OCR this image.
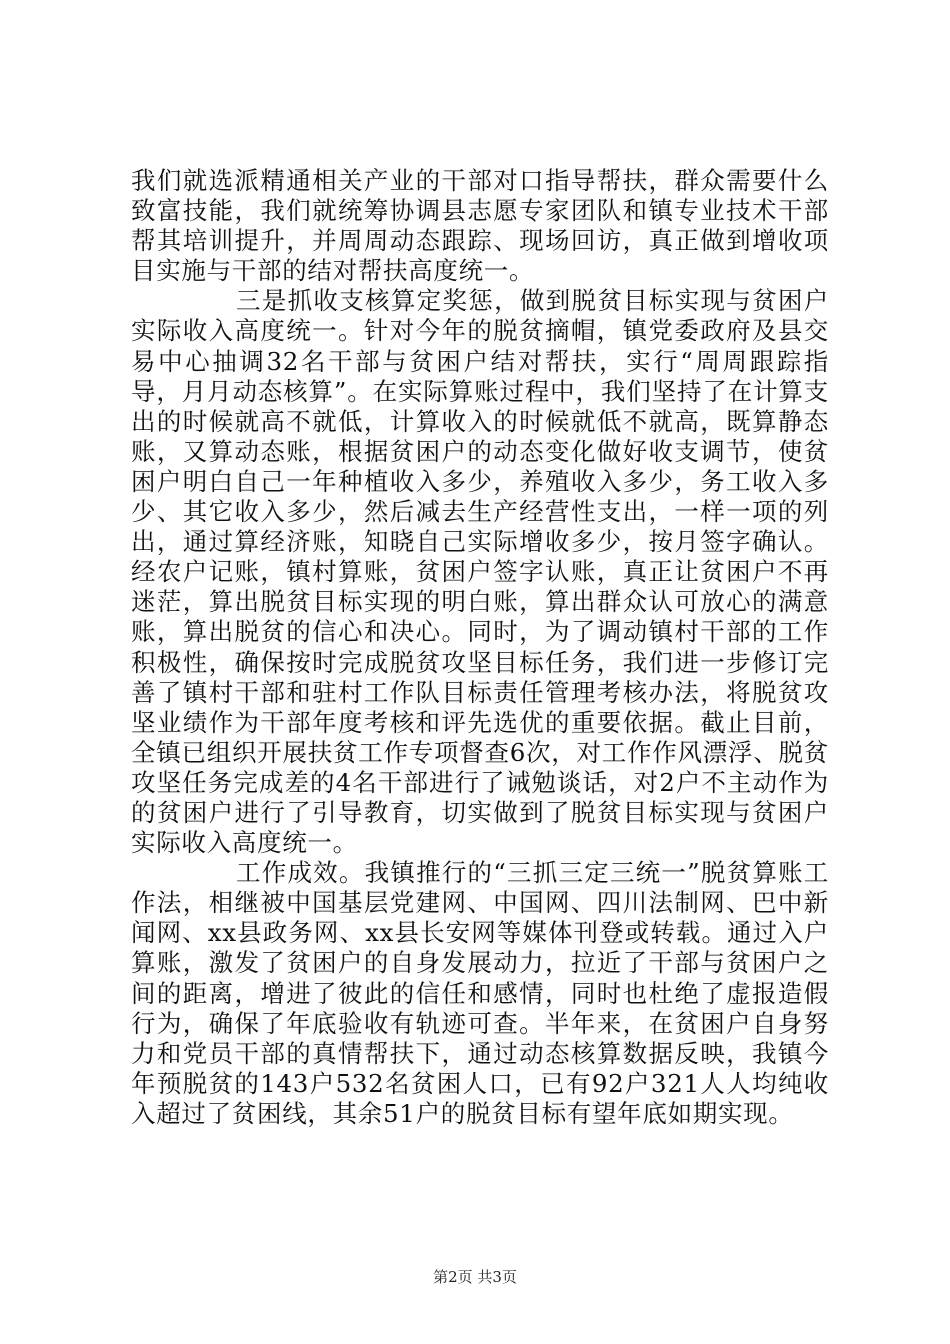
我们就选派精通相关产业的干部对口指导帮扶，群众需要什么致富技能，我们就统筹协调县志愿专家团队和镇专业技术干部帮其培训提升，并周周动态跟踪、现场回访，真正做到增收项目实施与干部的结对帮扶高度统一。

三是抓收支核算定奖惩，做到脱贫目标实现与贫困户实际收入高度统一。针对今年的脱贫摘帽，镇党委政府及县交易中心抽调32名干部与贫困户结对帮扶，实行“周周跟踪指导，月月动态核算”。在实际算账过程中，我们坚持了在计算支出的时候就高不就低，计算收入的时候就低不就高，既算静态账，又算动态账，根据贫困户的动态变化做好收支调节，使贫困户明白自己一年种植收入多少，养殖收入多少，务工收入多少、其它收入多少，然后减去生产经营性支出，一样一项的列出，通过算经济账，知晓自己实际增收多少，按月签字确认。经农户记账，镇村算账，贫困户签字认账，真正让贫困户不再迷茫，算出脱贫目标实现的明白账，算出群众认可放心的满意账，算出脱贫的信心和决心。同时，为了调动镇村干部的工作积极性，确保按时完成脱贫攻坚目标任务，我们进一步修订完善了镇村干部和驻村工作队目标责任管理考核办法，将脱贫攻坚业绩作为干部年度考核和评先选优的重要依据。截止目前，全镇已组织开展扶贫工作专项督查6次，对工作作风漂浮、脱贫攻坚任务完成差的4名干部进行了诫勉谈话，对2户不主动作为的贫困户进行了引导教育，切实做到了脱贫目标实现与贫困户实际收入高度统一。

工作成效。我镇推行的“三抓三定三统一”脱贫算账工作法，相继被中国基层党建网、中国网、四川法制网、巴中新闻网、xx县政务网、xx县长安网等媒体刊登或转载。通过入户算账，激发了贫困户的自身发展动力，拉近了干部与贫困户之间的距离，增进了彼此的信任和感情，同时也杜绝了虚报造假行为，确保了年底验收有轨迹可查。半年来，在贫困户自身努力和党员干部的真情帮扶下，通过动态核算数据反映，我镇今年预脱贫的143户532名贫困人口，已有92户321人人均纯收入超过了贫困线，其余51户的脱贫目标有望年底如期实现。

第2页 共3页
